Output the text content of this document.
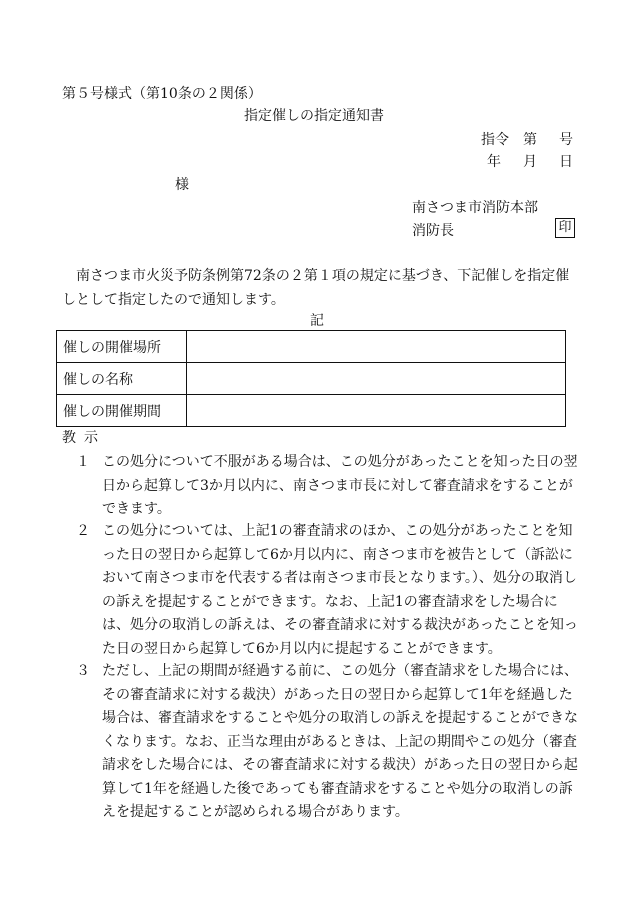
第５号様式（第10条の２関係）
指定催しの指定通知書
指令 第 号
年 月 日
様
南さつま市消防本部
消防長	印
南さつま市火災予防条例第72条の２第１項の規定に基づき、下記催しを指定催しとして指定したので通知します。
記
催しの開催場所	
催しの名称	
催しの開催期間	
教示
１ この処分について不服がある場合は、この処分があったことを知った日の翌日から起算して3か月以内に、南さつま市長に対して審査請求をすることができます。
２ この処分については、上記1の審査請求のほか、この処分があったことを知った日の翌日から起算して6か月以内に、南さつま市を被告として（訴訟において南さつま市を代表する者は南さつま市長となります。）、処分の取消しの訴えを提起することができます。なお、上記1の審査請求をした場合には、処分の取消しの訴えは、その審査請求に対する裁決があったことを知った日の翌日から起算して6か月以内に提起することができます。
３ ただし、上記の期間が経過する前に、この処分（審査請求をした場合には、その審査請求に対する裁決）があった日の翌日から起算して1年を経過した場合は、審査請求をすることや処分の取消しの訴えを提起することができなくなります。なお、正当な理由があるときは、上記の期間やこの処分（審査請求をした場合には、その審査請求に対する裁決）があった日の翌日から起算して1年を経過した後であっても審査請求をすることや処分の取消しの訴えを提起することが認められる場合があります。
